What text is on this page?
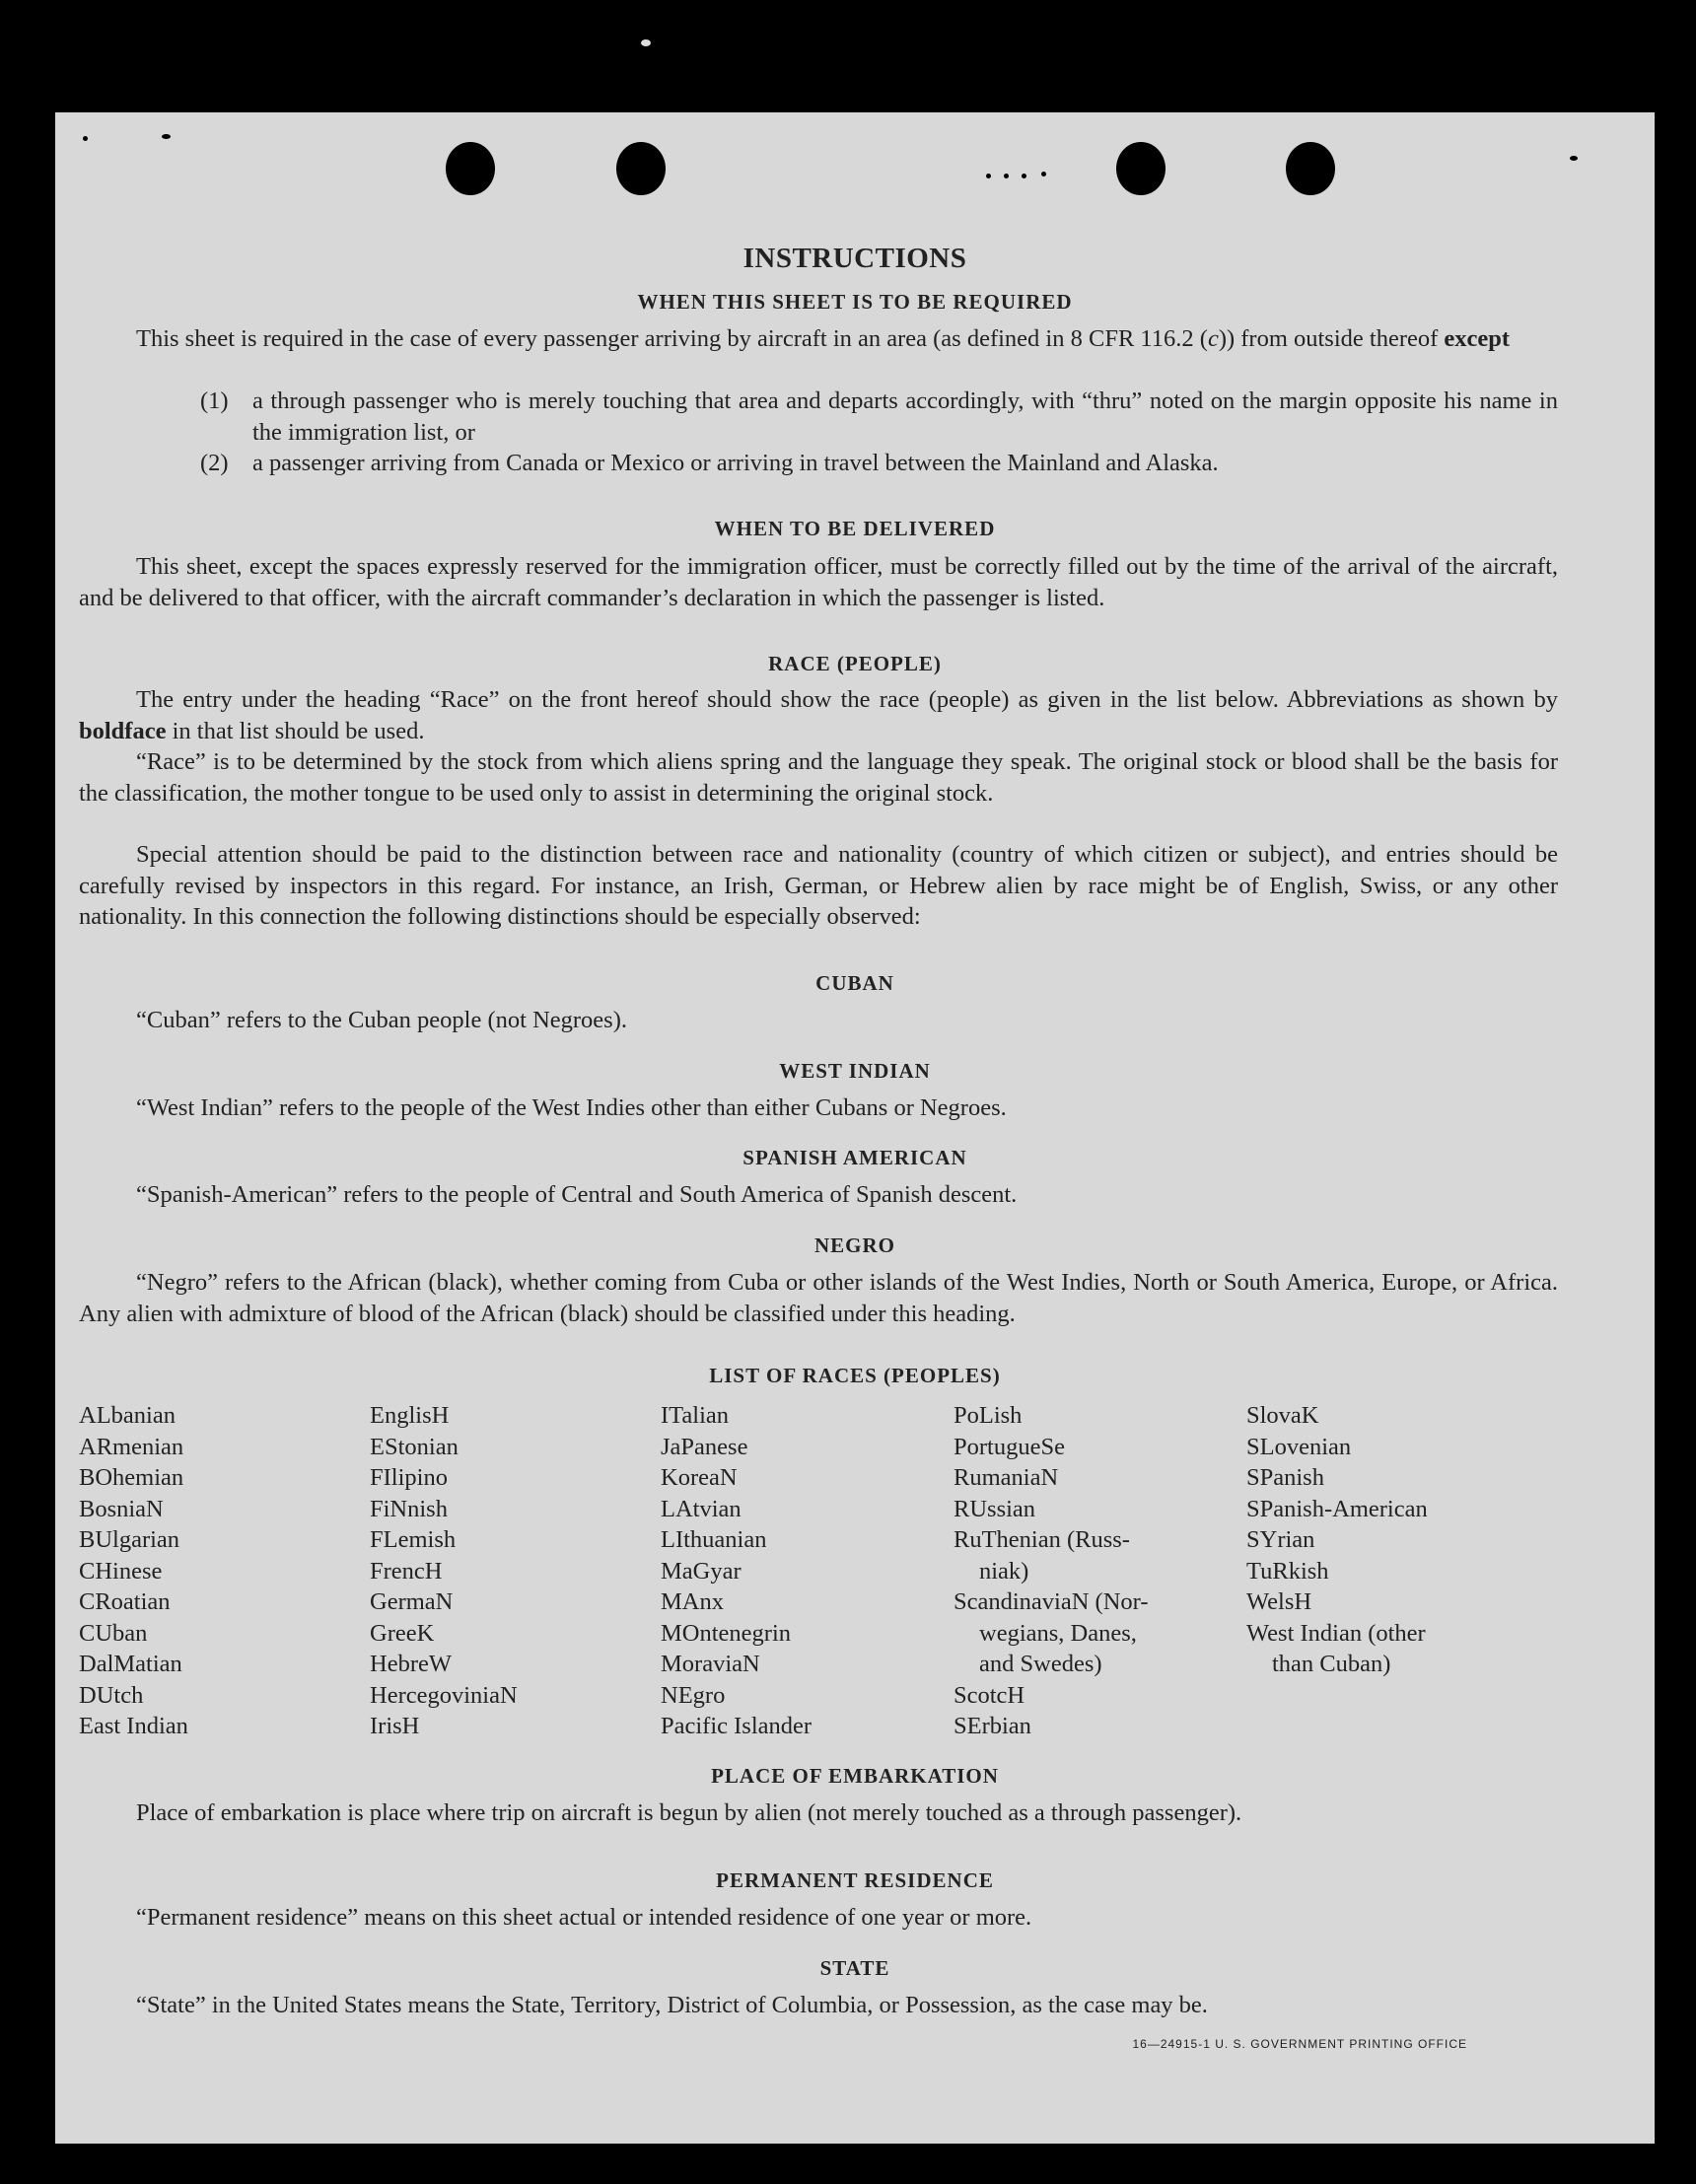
INSTRUCTIONS

WHEN THIS SHEET IS TO BE REQUIRED

This sheet is required in the case of every passenger arriving by aircraft in an area (as defined in 8 CFR 116.2 (c)) from outside thereof except

(1) a through passenger who is merely touching that area and departs accordingly, with “thru” noted on the margin opposite his name in the immigration list, or
(2) a passenger arriving from Canada or Mexico or arriving in travel between the Mainland and Alaska.

WHEN TO BE DELIVERED

This sheet, except the spaces expressly reserved for the immigration officer, must be correctly filled out by the time of the arrival of the aircraft, and be delivered to that officer, with the aircraft commander’s declaration in which the passenger is listed.

RACE (PEOPLE)

The entry under the heading “Race” on the front hereof should show the race (people) as given in the list below. Abbreviations as shown by boldface in that list should be used.

“Race” is to be determined by the stock from which aliens spring and the language they speak. The original stock or blood shall be the basis for the classification, the mother tongue to be used only to assist in determining the original stock.

Special attention should be paid to the distinction between race and nationality (country of which citizen or subject), and entries should be carefully revised by inspectors in this regard. For instance, an Irish, German, or Hebrew alien by race might be of English, Swiss, or any other nationality. In this connection the following distinctions should be especially observed:

CUBAN

“Cuban” refers to the Cuban people (not Negroes).

WEST INDIAN

“West Indian” refers to the people of the West Indies other than either Cubans or Negroes.

SPANISH AMERICAN

“Spanish-American” refers to the people of Central and South America of Spanish descent.

NEGRO

“Negro” refers to the African (black), whether coming from Cuba or other islands of the West Indies, North or South America, Europe, or Africa. Any alien with admixture of blood of the African (black) should be classified under this heading.

LIST OF RACES (PEOPLES)

ALbanian
ARmenian
BOhemian
BosniaN
BUlgarian
CHinese
CRoatian
CUban
DalMatian
DUtch
East Indian
EnglisH
EStonian
FIlipino
FiNnish
FLemish
FrencH
GermaN
GreeK
HebreW
HercegoviniaN
IrisH
ITalian
JaPanese
KoreaN
LAtvian
LIthuanian
MaGyar
MAnx
MOntenegrin
MoraviaN
NEgro
Pacific Islander
PoLish
PortugueSe
RumaniaN
RUssian
RuThenian (Russ-
niak)
ScandinaviaN (Nor-
wegians, Danes,
and Swedes)
ScotcH
SErbian
SlovaK
SLovenian
SPanish
SPanish-American
SYrian
TuRkish
WelsH
West Indian (other
than Cuban)

PLACE OF EMBARKATION

Place of embarkation is place where trip on aircraft is begun by alien (not merely touched as a through passenger).

PERMANENT RESIDENCE

“Permanent residence” means on this sheet actual or intended residence of one year or more.

STATE

“State” in the United States means the State, Territory, District of Columbia, or Possession, as the case may be.

16—24915-1 U. S. GOVERNMENT PRINTING OFFICE
